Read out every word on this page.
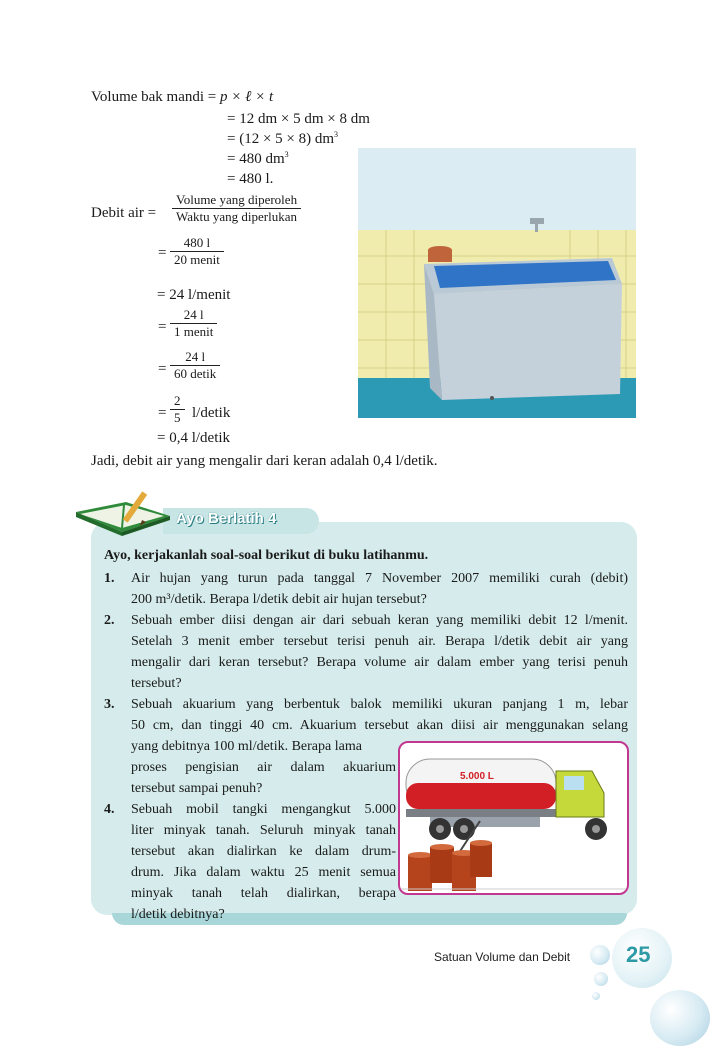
Volume bak mandi = p × ℓ × t
= 12 dm × 5 dm × 8 dm
= (12 × 5 × 8) $dm^3$
= 480 $dm^3$
= 480 l.
Debit air =
Volume yang diperoleh
Waktu yang diperlukan
=
480 l
20 menit
= 24 l/menit
=
24 l
1 menit
=
24 l
60 detik
= $\frac{2}{5}$ l/detik
= 0,4 l/detik
Jadi, debit air yang mengalir dari keran adalah 0,4 l/detik.
Ayo Berlatih 4
Ayo, kerjakanlah soal-soal berikut di buku latihanmu.
1. Air hujan yang turun pada tanggal 7 November 2007 memiliki curah (debit)
200 m³/detik. Berapa l/detik debit air hujan tersebut?
2. Sebuah ember diisi dengan air dari sebuah keran yang memiliki debit 12 l/menit.
Setelah 3 menit ember tersebut terisi penuh air. Berapa l/detik debit air yang
mengalir dari keran tersebut? Berapa volume air dalam ember yang terisi penuh
tersebut?
3. Sebuah akuarium yang berbentuk balok memiliki ukuran panjang 1 m, lebar
50 cm, dan tinggi 40 cm. Akuarium tersebut akan diisi air menggunakan selang
yang debitnya 100 ml/detik. Berapa lama
proses pengisian air dalam akuarium
tersebut sampai penuh?
4. Sebuah mobil tangki mengangkut 5.000
liter minyak tanah. Seluruh minyak tanah
tersebut akan dialirkan ke dalam drum-
drum. Jika dalam waktu 25 menit semua
minyak tanah telah dialirkan, berapa
l/detik debitnya?
5.000 L
Satuan Volume dan Debit	25
